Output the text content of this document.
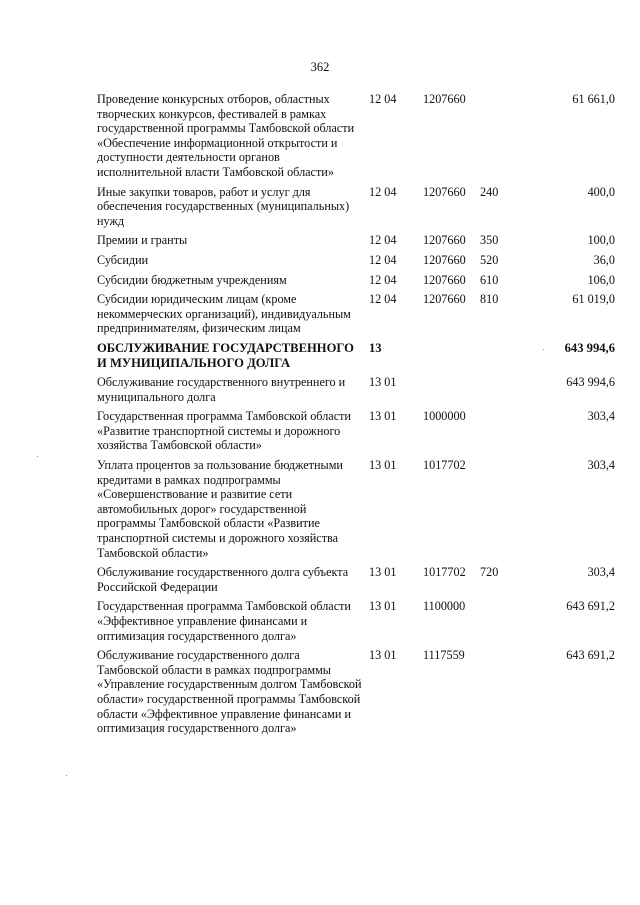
362
Проведение конкурсных отборов, областных творческих конкурсов, фестивалей в рамках государственной программы Тамбовской области «Обеспечение информационной открытости и доступности деятельности органов исполнительной власти Тамбовской области»	12 04	1207660		61 661,0
Иные закупки товаров, работ и услуг для обеспечения государственных (муниципальных) нужд	12 04	1207660	240	400,0
Премии и гранты	12 04	1207660	350	100,0
Субсидии	12 04	1207660	520	36,0
Субсидии бюджетным учреждениям	12 04	1207660	610	106,0
Субсидии юридическим лицам (кроме некоммерческих организаций), индивидуальным предпринимателям, физическим лицам	12 04	1207660	810	61 019,0
ОБСЛУЖИВАНИЕ ГОСУДАРСТВЕННОГО И МУНИЦИПАЛЬНОГО ДОЛГА	13			643 994,6
Обслуживание государственного внутреннего и муниципального долга	13 01			643 994,6
Государственная программа Тамбовской области «Развитие транспортной системы и дорожного хозяйства Тамбовской области»	13 01	1000000		303,4
Уплата процентов за пользование бюджетными кредитами в рамках подпрограммы «Совершенствование и развитие сети автомобильных дорог» государственной программы Тамбовской области «Развитие транспортной системы и дорожного хозяйства Тамбовской области»	13 01	1017702		303,4
Обслуживание государственного долга субъекта Российской Федерации	13 01	1017702	720	303,4
Государственная программа Тамбовской области «Эффективное управление финансами и оптимизация государственного долга»	13 01	1100000		643 691,2
Обслуживание государственного долга Тамбовской области в рамках подпрограммы «Управление государственным долгом Тамбовской области» государственной программы Тамбовской области «Эффективное управление финансами и оптимизация государственного долга»	13 01	1117559		643 691,2
